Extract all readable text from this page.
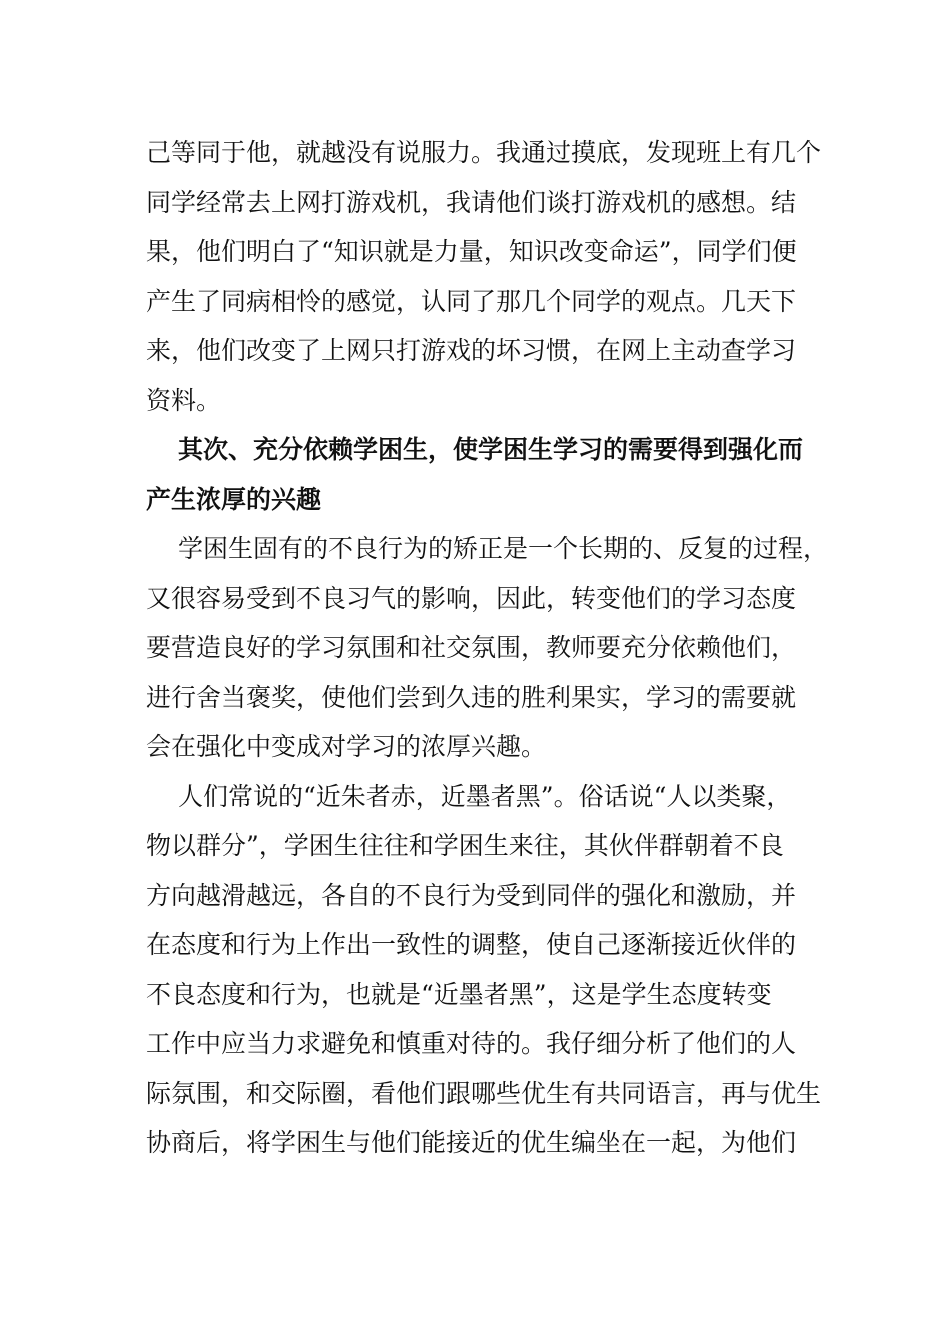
己等同于他，就越没有说服力。我通过摸底，发现班上有几个
同学经常去上网打游戏机，我请他们谈打游戏机的感想。结
果，他们明白了“知识就是力量，知识改变命运”，同学们便
产生了同病相怜的感觉，认同了那几个同学的观点。几天下
来，他们改变了上网只打游戏的坏习惯，在网上主动查学习
资料。
其次、充分依赖学困生，使学困生学习的需要得到强化而
产生浓厚的兴趣
学困生固有的不良行为的矫正是一个长期的、反复的过程，
又很容易受到不良习气的影响，因此，转变他们的学习态度
要营造良好的学习氛围和社交氛围，教师要充分依赖他们，
进行舍当褒奖，使他们尝到久违的胜利果实，学习的需要就
会在强化中变成对学习的浓厚兴趣。
人们常说的“近朱者赤，近墨者黑”。俗话说“人以类聚，
物以群分”，学困生往往和学困生来往，其伙伴群朝着不良
方向越滑越远，各自的不良行为受到同伴的强化和激励，并
在态度和行为上作出一致性的调整，使自己逐渐接近伙伴的
不良态度和行为，也就是“近墨者黑”，这是学生态度转变
工作中应当力求避免和慎重对待的。我仔细分析了他们的人
际氛围，和交际圈，看他们跟哪些优生有共同语言，再与优生
协商后，将学困生与他们能接近的优生编坐在一起，为他们
